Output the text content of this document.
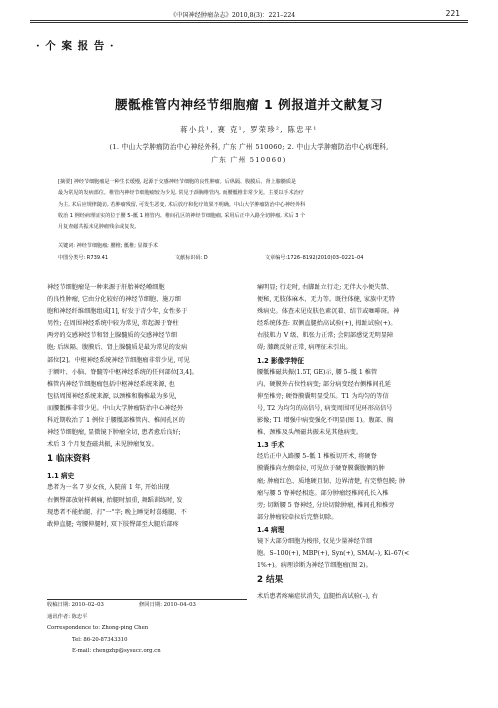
《中国神经肿瘤杂志》2010,8(3)：221–224	221
· 个 案 报 告 ·
腰骶椎管内神经节细胞瘤 1 例报道并文献复习
蒋小兵¹, 赛 克¹, 罗荣珍², 陈忠平¹
(1. 中山大学肿瘤防治中心神经外科, 广东 广州 510060; 2. 中山大学肿瘤防治中心病理科,
广东 广州 510060)
[摘要] 神经节细胞瘤是一种生长缓慢, 起源于交感神经节细胞的良性肿瘤。后纵隔、腹膜后、肾上腺髓质是
最为常见的发病部位。椎管内神经节细胞瘤较为少见, 常见于颈胸椎管内, 而腰骶椎非常少见。主要以手术治疗
为主, 术后应规律随访, 若肿瘤残留, 可发生恶变, 术后放疗和化疗效果不明确。中山大学肿瘤防治中心神经外科
收治 1 例经病理证实的位于腰 5–骶 1 椎管内、椎间孔区的神经节细胞瘤, 采用后正中入路全切肿瘤, 术后 3 个
月复查磁共振未见肿瘤残余或复发。
关键词: 神经节细胞瘤; 腰椎; 骶椎; 显微手术
中图分类号: R739.41	文献标识码: D	文章编号:1726–8192(2010)03–0221–04
神经节细胞瘤是一种来源于肝胎神经嵴细胞
的良性肿瘤, 它由分化较好的神经节细胞、施万细
胞和神经纤维细胞组成[1], 好发于青少年, 女性多于
男性; 在周围神经系统中较为常见, 常起源于脊柱
两旁的交感神经节和肾上腺髓质的交感神经节细
胞; 后纵隔、腹膜后、肾上腺髓质是最为常见的发病
部位[2]。中枢神经系统神经节细胞瘤非常少见, 可见
于额叶、小脑、脊髓等中枢神经系统的任何部位[3,4]。
椎管内神经节细胞瘤包括中枢神经系统来源, 也
包括周围神经系统来源, 以颈椎和胸椎最为多见,
而腰骶椎非常少见。中山大学肿瘤防治中心神经外
科近期收治了 1 例位于腰骶部椎管内、椎间孔区的
神经节细胞瘤, 显微镜下肿瘤全切, 患者愈后良好;
术后 3 个月复查磁共振, 未见肿瘤复发。
1 临床资料
1.1 病史
患者为一名 7 岁女孩, 入院前 1 年, 开始出现
右侧臀部放射样刺痛, 抬腿时加重, 舞蹈训练时, 发
现患者不能抬腿、打"一"字; 晚上睡觉时喜蜷腿、不
敢伸直腿; 弯腰伸腿时, 双下肢臀部至大腿后部疼
痛明显; 行走时, 右脚趾立行走; 无伴大小便失禁、
便秘, 无肢体麻木、无力等。既往体健, 家族中无特
殊病史。体查未见皮肤色素沉着、结节或咖啡斑。神
经系统体查: 双侧直腿抬高试验(+), 拇趾试验(+)。
右肢肌力 V 级、肌张力正常; 会阴部感觉无明显障
碍; 膝跳反射正常, 病理征未引出。
1.2 影像学特征
腰骶椎磁共振(1.5T, GE)示, 腰 5–骶 1 椎管
内、硬膜外占位性病变; 部分病变经右侧椎间孔延
伸至椎旁; 硬脊膜囊明显受压。T1 为均匀的等信
号, T2 为均匀的高信号, 病变周围可见环形高信号
影像; T1 增强中病变强化不明显(图 1)。腹部、胸
椎、颈椎及头颅磁共振未见其他病变。
1.3 手术
经后正中入路腰 5–骶 1 椎板切开术, 将硬脊
膜囊推向左侧牵拉, 可见位于硬脊膜囊腹侧的肿
瘤; 肿瘤红色、质地硬且韧、边界清楚, 有完整包膜; 肿
瘤与腰 5 脊神经相连。部分肿瘤经椎间孔长入椎
旁; 切断腰 5 脊神经, 分块切除肿瘤, 椎间孔和椎旁
部分肿瘤较牵拉后完整切除。
1.4 病理
镜下大部分细胞为梭形, 仅见少量神经节细
胞。S–100(+), MBP(+), Syn(+), SMA(–), Ki–67(<
1%+)。病理诊断为神经节细胞瘤(图 2)。
2 结果
术后患者疼痛症状消失, 直腿抬高试验(–), 右
收稿日期: 2010–02–03	修回日期: 2010–04–03
通讯作者: 陈忠平
Correspondence to: Zhong-ping Chen
Tel: 86-20-87343310
E-mail: chengzhp@sysucc.org.cn
